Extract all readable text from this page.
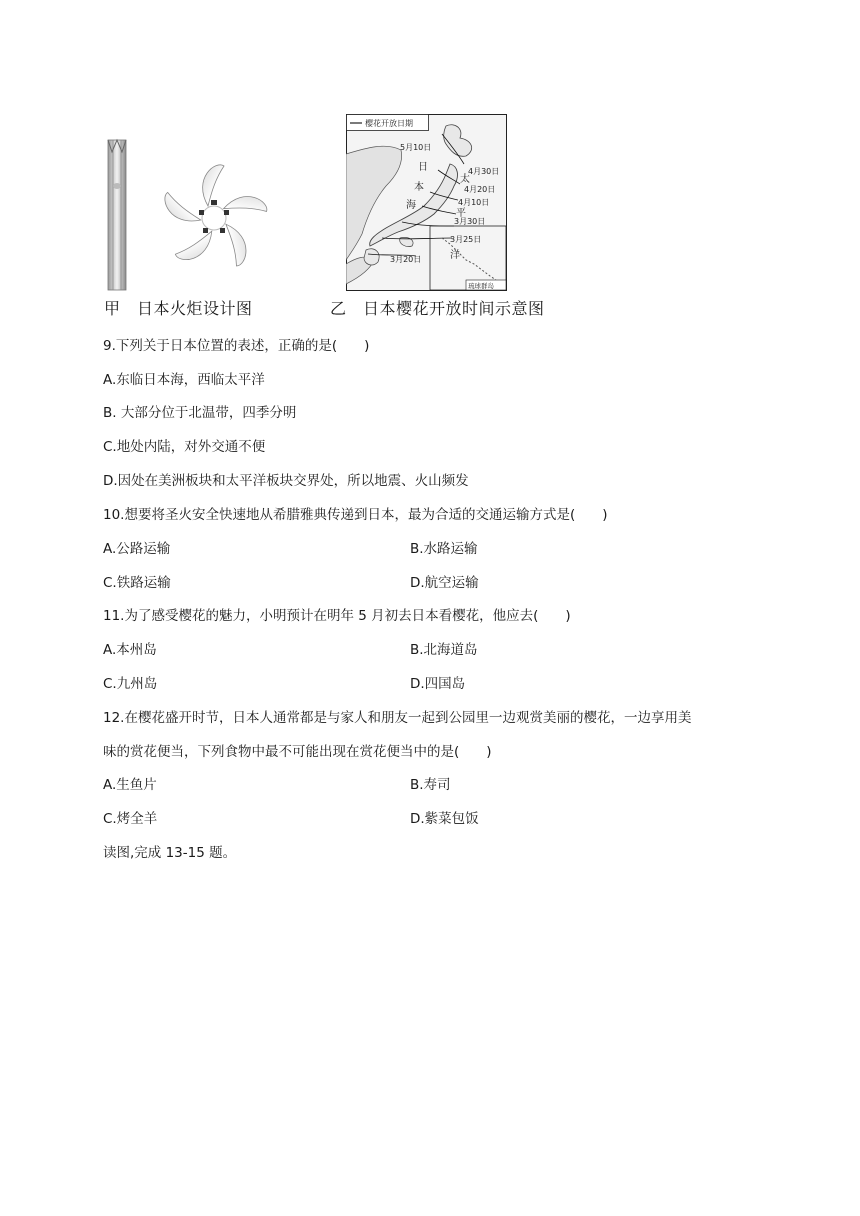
甲　日本火炬设计图
樱花开放日期
5月10日
4月30日
4月20日
4月10日
3月30日
3月25日
3月20日
日
本
海
太
平
洋
琉球群岛
乙　日本樱花开放时间示意图
9.下列关于日本位置的表述，正确的是(　　)
A.东临日本海，西临太平洋
B. 大部分位于北温带，四季分明
C.地处内陆，对外交通不便
D.因处在美洲板块和太平洋板块交界处，所以地震、火山频发
10.想要将圣火安全快速地从希腊雅典传递到日本，最为合适的交通运输方式是(　　)
A.公路运输	B.水路运输
C.铁路运输	D.航空运输
11.为了感受樱花的魅力，小明预计在明年 5 月初去日本看樱花，他应去(　　)
A.本州岛	B.北海道岛
C.九州岛	D.四国岛
12.在樱花盛开时节，日本人通常都是与家人和朋友一起到公园里一边观赏美丽的樱花，一边享用美
味的赏花便当，下列食物中最不可能出现在赏花便当中的是(　　)
A.生鱼片	B.寿司
C.烤全羊	D.紫菜包饭
读图,完成 13-15 题。
